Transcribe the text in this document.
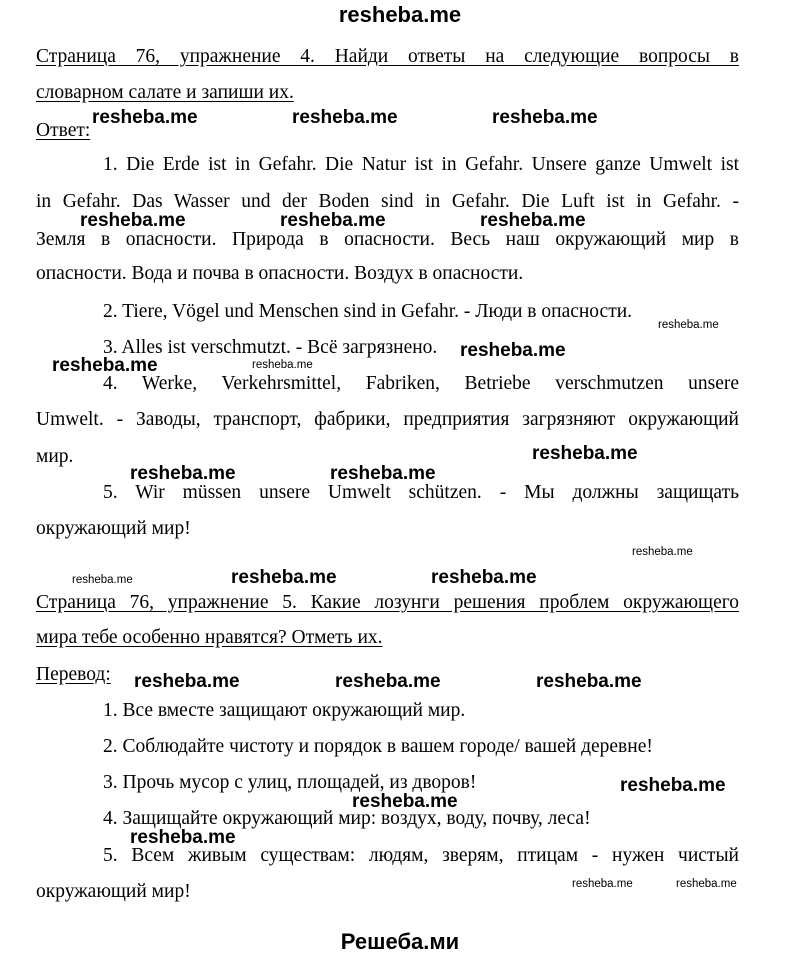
resheba.me
Страница 76, упражнение 4. Найди ответы на следующие вопросы в
словарном салате и запиши их.
Ответ:
1. Die Erde ist in Gefahr. Die Natur ist in Gefahr. Unsere ganze Umwelt ist
in Gefahr. Das Wasser und der Boden sind in Gefahr. Die Luft ist in Gefahr. -
Земля в опасности. Природа в опасности. Весь наш окружающий мир в
опасности. Вода и почва в опасности. Воздух в опасности.
2. Tiere, Vögel und Menschen sind in Gefahr. - Люди в опасности.
3. Alles ist verschmutzt. - Всё загрязнено.
4. Werke, Verkehrsmittel, Fabriken, Betriebe verschmutzen unsere
Umwelt. - Заводы, транспорт, фабрики, предприятия загрязняют окружающий
мир.
5. Wir müssen unsere Umwelt schützen. - Мы должны защищать
окружающий мир!
Страница 76, упражнение 5. Какие лозунги решения проблем окружающего
мира тебе особенно нравятся? Отметь их.
Перевод:
1. Все вместе защищают окружающий мир.
2. Соблюдайте чистоту и порядок в вашем городе/ вашей деревне!
3. Прочь мусор с улиц, площадей, из дворов!
4. Защищайте окружающий мир: воздух, воду, почву, леса!
5. Всем живым существам: людям, зверям, птицам - нужен чистый
окружающий мир!
Решеба.ми
resheba.me	resheba.me	resheba.me
resheba.me	resheba.me	resheba.me
resheba.me
resheba.me
resheba.me
resheba.me	resheba.me
resheba.me	resheba.me
resheba.me	resheba.me	resheba.me
resheba.me
resheba.me
resheba.me
resheba.me
resheba.me
resheba.me
resheba.me
resheba.me	resheba.me
